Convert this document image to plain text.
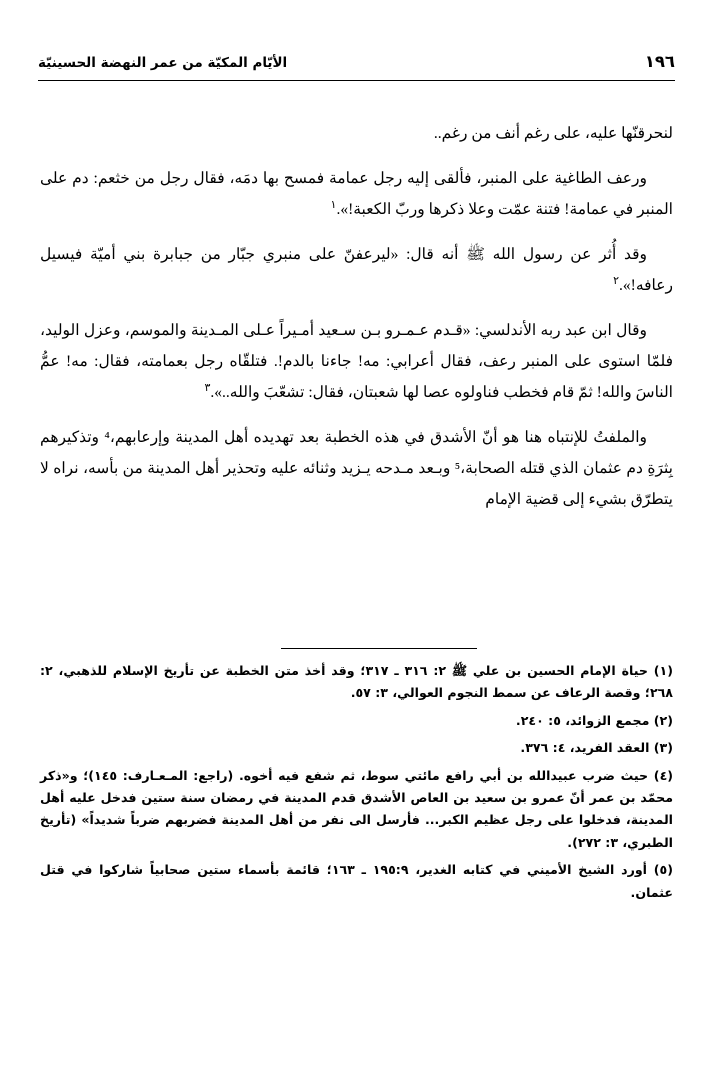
١٩٦
الأيّام المكيّة من عمر النهضة الحسينيّة

لنحرقنّها عليه، على رغم أنف من رغم..

ورعف الطاغية على المنبر، فألقى إليه رجل عمامة فمسح بها دمَه، فقال رجل من خثعم: دم على المنبر في عمامة! فتنة عمّت وعلا ذكرها وربّ الكعبة!».$^١$

وقد أُثر عن رسول الله ﷺ أنه قال: «ليرعفنّ على منبري جبّار من جبابرة بني أميّة فيسيل رعافه!».$^٢$

وقال ابن عبد ربه الأندلسي: «قـدم عـمـرو بـن سـعيد أمـيراً عـلى المـدينة والموسم، وعزل الوليد، فلمّا استوى على المنبر رعف، فقال أعرابي: مه! جاءنا بالدم!. فتلقّاه رجل بعمامته، فقال: مه! عمُّ الناسَ والله! ثمّ قام فخطب فناولوه عصا لها شعبتان، فقال: تشعّبَ والله..».$^٣$

والملفتُ للإنتباه هنا هو أنّ الأشدق في هذه الخطبة بعد تهديده أهل المدينة وإرعابهم،⁴ وتذكيرهم بِثرَةِ دم عثمان الذي قتله الصحابة،⁵ وبـعد مـدحه يـزيد وثنائه عليه وتحذير أهل المدينة من بأسه، نراه لا يتطرّق بشيء إلى قضية الإمام

(١) حياة الإمام الحسين بن علي ﷺ ٢: ٣١٦ ـ ٣١٧؛ وقد أخذ متن الخطبة عن تأريخ الإسلام للذهبي، ٢: ٢٦٨؛ وقصة الرعاف عن سمط النجوم العوالي، ٣: ٥٧.

(٢) مجمع الزوائد، ٥: ٢٤٠.

(٣) العقد الفريد، ٤: ٣٧٦.

(٤) حيث ضرب عبيدالله بن أبي رافع مائتي سوط، ثم شفع فيه أخوه. (راجع: المـعـارف: ١٤٥)؛ و«ذكر محمّد بن عمر أنّ عمرو بن سعيد بن العاص الأشدق قدم المدينة في رمضان سنة ستين فدخل عليه أهل المدينة، فدخلوا على رجل عظيم الكبر... فأرسل الى نفر من أهل المدينة فضربهم ضرباً شديداً» (تأريخ الطبري، ٣: ٢٧٢).

(٥) أورد الشيخ الأميني في كتابه الغدير، ١٩٥:٩ ـ ١٦٣؛ قائمة بأسماء ستين صحابياً شاركوا في قتل عثمان.
